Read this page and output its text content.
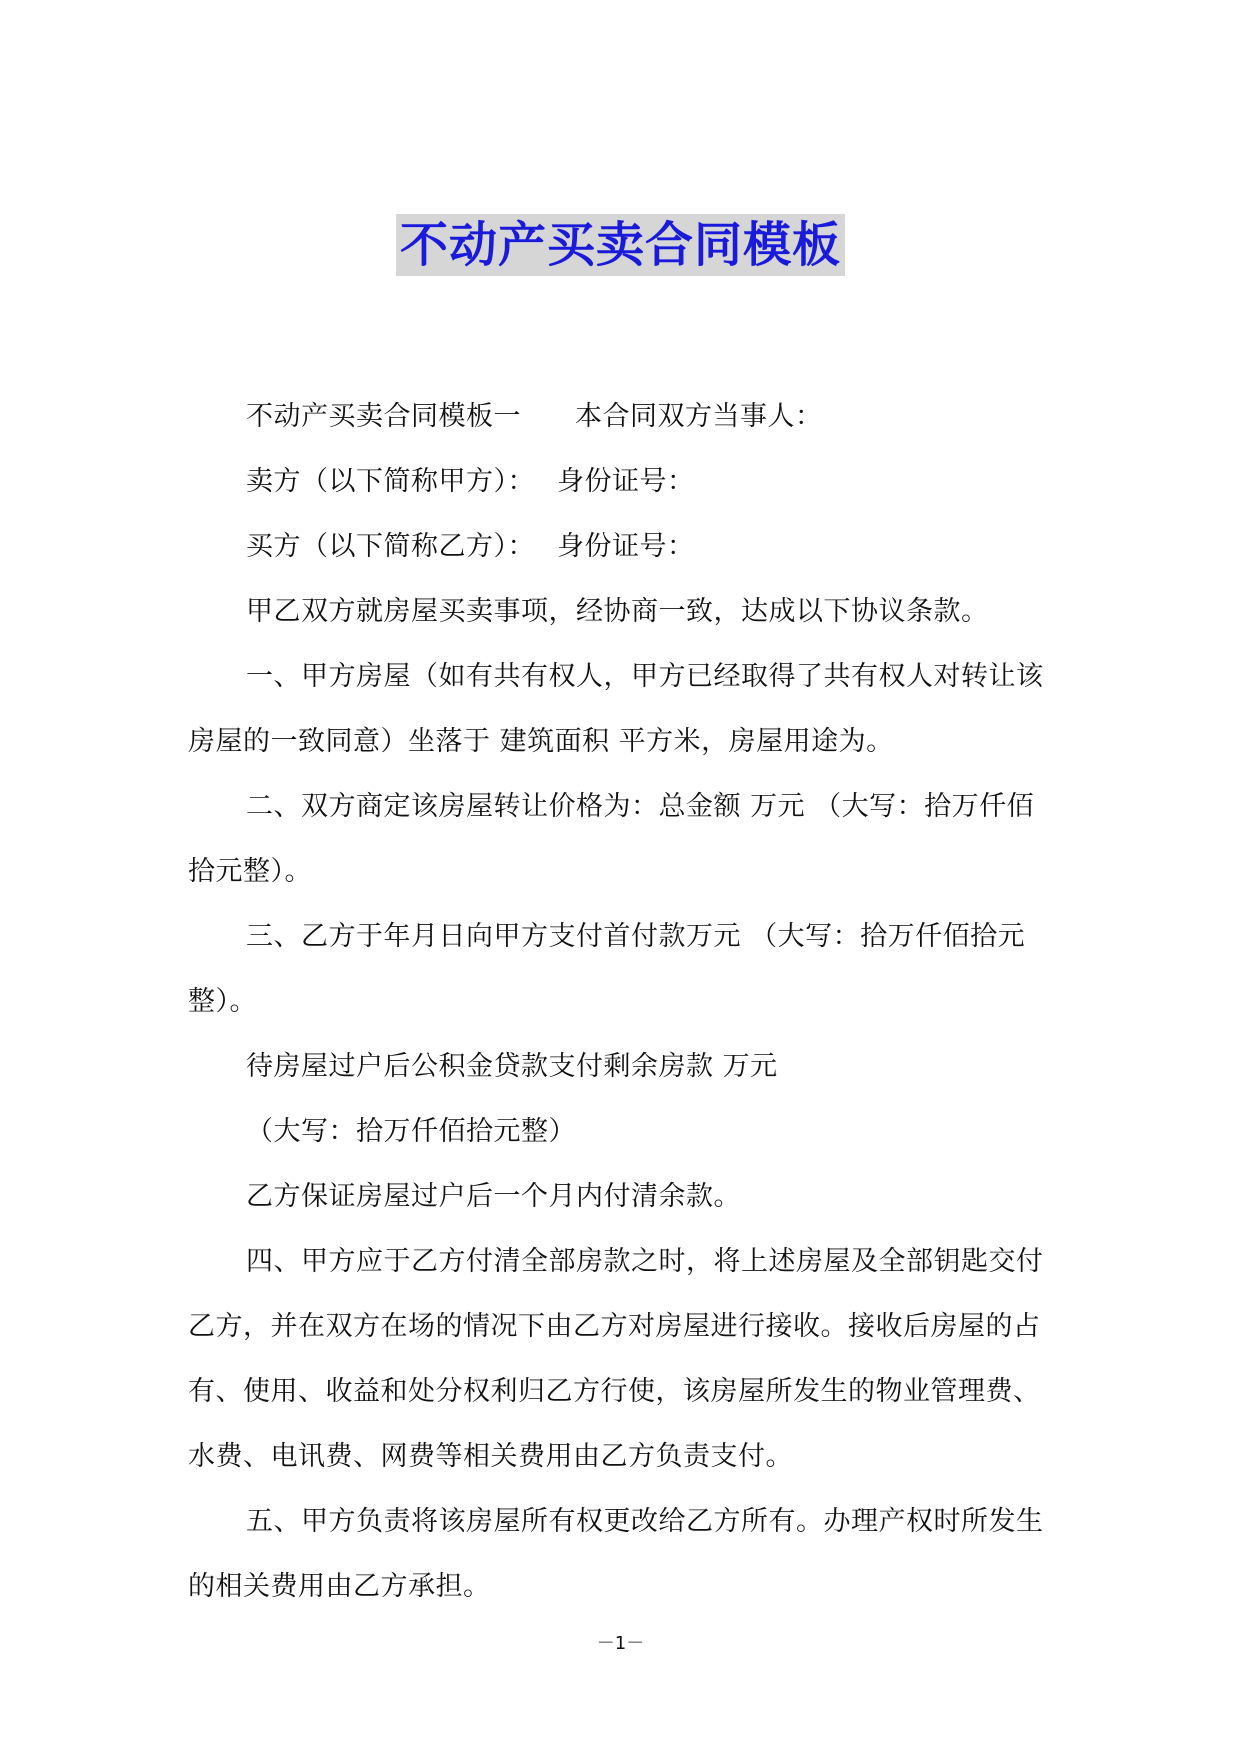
不动产买卖合同模板

不动产买卖合同模板一 本合同双方当事人：

卖方（以下简称甲方）： 身份证号：

买方（以下简称乙方）： 身份证号：

甲乙双方就房屋买卖事项，经协商一致，达成以下协议条款。

一、甲方房屋（如有共有权人，甲方已经取得了共有权人对转让该房屋的一致同意）坐落于 建筑面积 平方米，房屋用途为。

二、双方商定该房屋转让价格为：总金额 万元 （大写：拾万仟佰拾元整）。

三、乙方于年月日向甲方支付首付款万元 （大写：拾万仟佰拾元整）。

待房屋过户后公积金贷款支付剩余房款 万元

（大写：拾万仟佰拾元整）

乙方保证房屋过户后一个月内付清余款。

四、甲方应于乙方付清全部房款之时，将上述房屋及全部钥匙交付乙方，并在双方在场的情况下由乙方对房屋进行接收。接收后房屋的占有、使用、收益和处分权利归乙方行使，该房屋所发生的物业管理费、水费、电讯费、网费等相关费用由乙方负责支付。

五、甲方负责将该房屋所有权更改给乙方所有。办理产权时所发生的相关费用由乙方承担。

－1－
